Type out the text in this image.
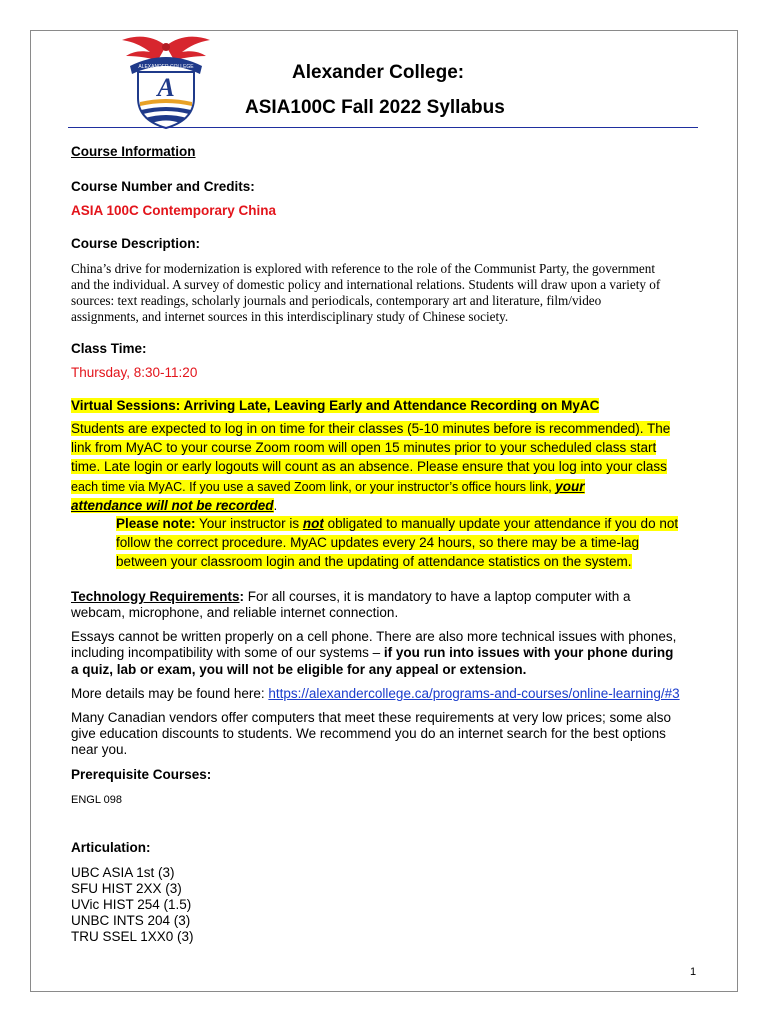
ALEXANDER COLLEGE
A
Alexander College:
ASIA100C Fall 2022 Syllabus
Course Information
Course Number and Credits:
ASIA 100C Contemporary China
Course Description:
China’s drive for modernization is explored with reference to the role of the Communist Party, the government
and the individual. A survey of domestic policy and international relations. Students will draw upon a variety of
sources: text readings, scholarly journals and periodicals, contemporary art and literature, film/video
assignments, and internet sources in this interdisciplinary study of Chinese society.
Class Time:
Thursday, 8:30-11:20
Virtual Sessions: Arriving Late, Leaving Early and Attendance Recording on MyAC
Students are expected to log in on time for their classes (5-10 minutes before is recommended). The
link from MyAC to your course Zoom room will open 15 minutes prior to your scheduled class start
time. Late login or early logouts will count as an absence. Please ensure that you log into your class
each time via MyAC. If you use a saved Zoom link, or your instructor’s office hours link, your
attendance will not be recorded.
Please note: Your instructor is not obligated to manually update your attendance if you do not
follow the correct procedure. MyAC updates every 24 hours, so there may be a time-lag
between your classroom login and the updating of attendance statistics on the system.
Technology Requirements: For all courses, it is mandatory to have a laptop computer with a
webcam, microphone, and reliable internet connection.
Essays cannot be written properly on a cell phone. There are also more technical issues with phones,
including incompatibility with some of our systems – if you run into issues with your phone during
a quiz, lab or exam, you will not be eligible for any appeal or extension.
More details may be found here: https://alexandercollege.ca/programs-and-courses/online-learning/#3
Many Canadian vendors offer computers that meet these requirements at very low prices; some also
give education discounts to students. We recommend you do an internet search for the best options
near you.
Prerequisite Courses:
ENGL 098
Articulation:
UBC ASIA 1st (3)
SFU HIST 2XX (3)
UVic HIST 254 (1.5)
UNBC INTS 204 (3)
TRU SSEL 1XX0 (3)
1
